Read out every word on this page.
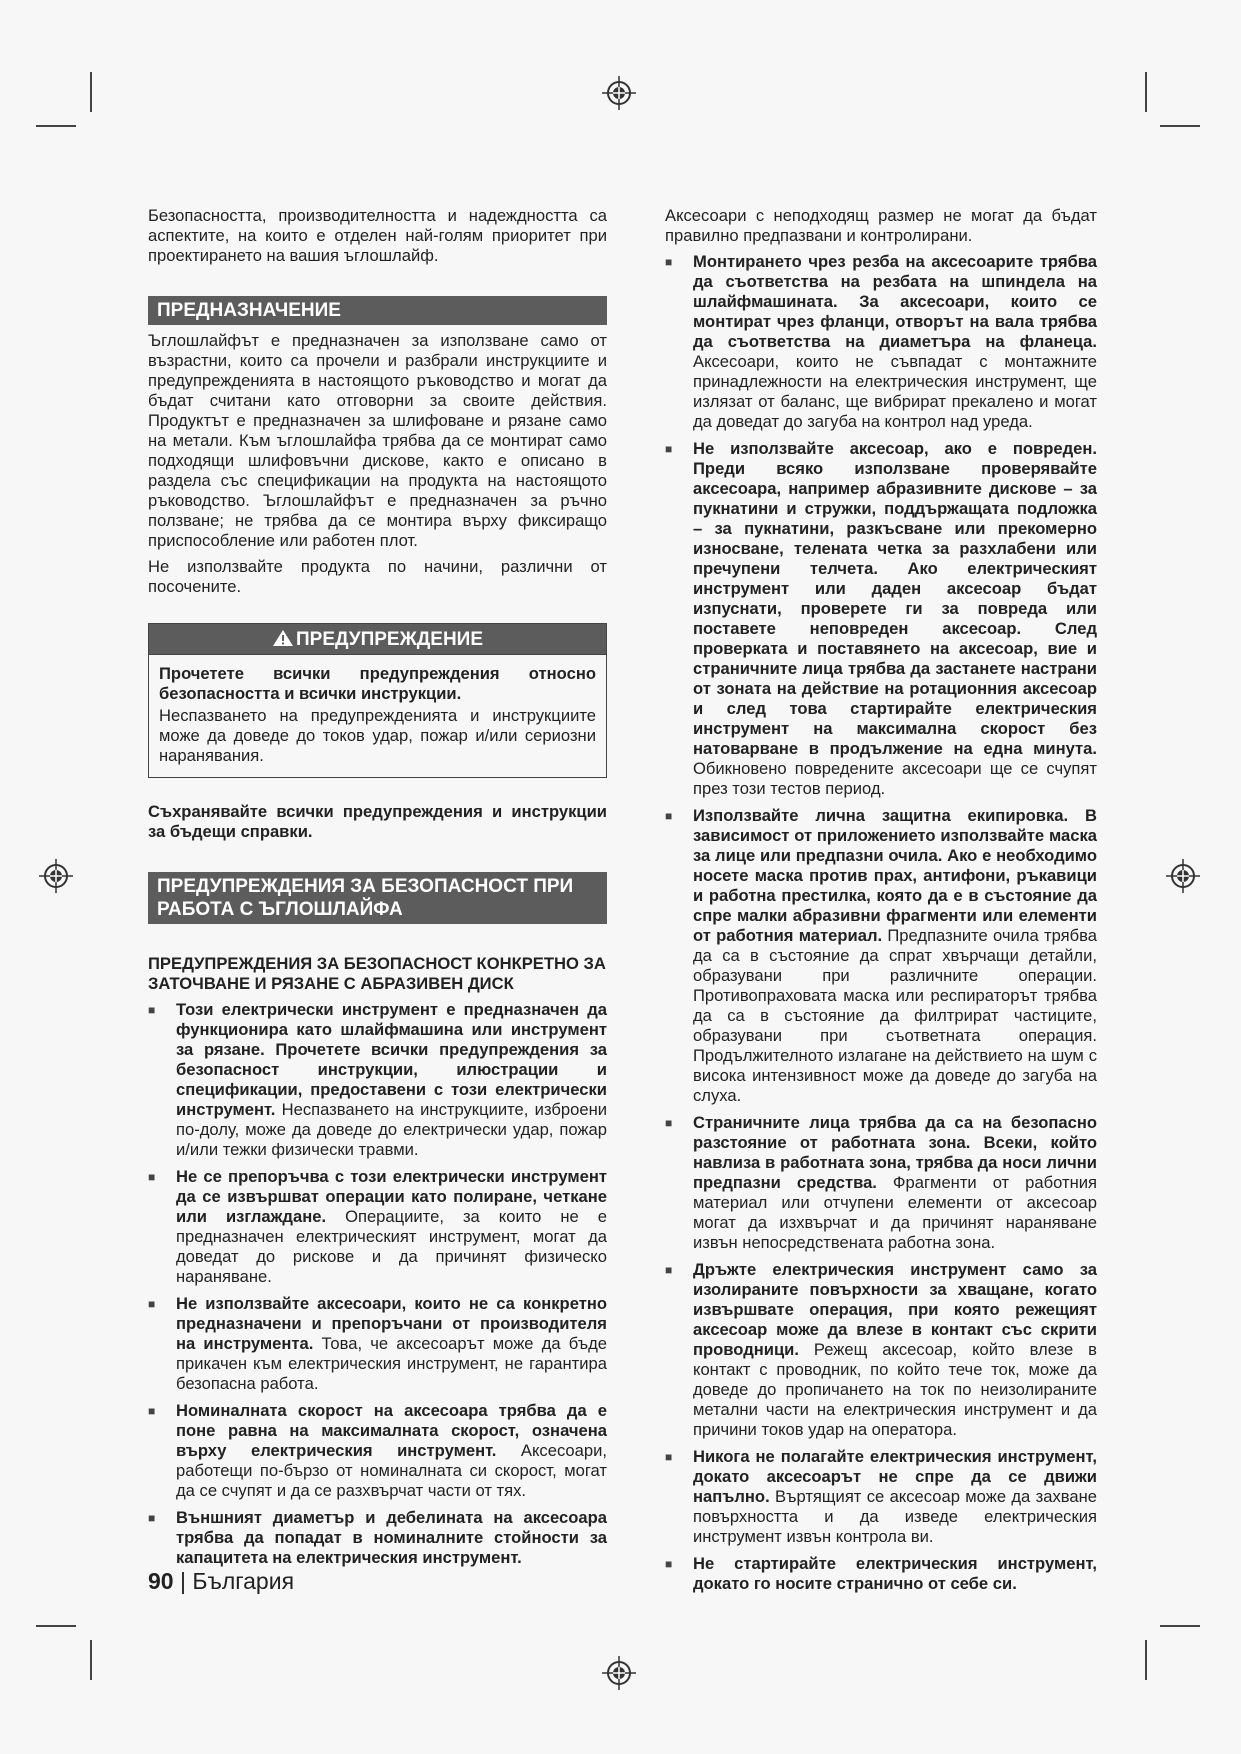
Безопасността, производителността и надеждността са аспектите, на които е отделен най-голям приоритет при проектирането на вашия ъглошлайф.

ПРЕДНАЗНАЧЕНИЕ

Ъглошлайфът е предназначен за използване само от възрастни, които са прочели и разбрали инструкциите и предупрежденията в настоящото ръководство и могат да бъдат считани като отговорни за своите действия. Продуктът е предназначен за шлифоване и рязане само на метали. Към ъглошлайфа трябва да се монтират само подходящи шлифовъчни дискове, както е описано в раздела със спецификации на продукта на настоящото ръководство. Ъглошлайфът е предназначен за ръчно ползване; не трябва да се монтира върху фиксиращо приспособление или работен плот.

Не използвайте продукта по начини, различни от посочените.

ПРЕДУПРЕЖДЕНИЕ

Прочетете всички предупреждения относно безопасността и всички инструкции.

Неспазването на предупрежденията и инструкциите може да доведе до токов удар, пожар и/или сериозни наранявания.

Съхранявайте всички предупреждения и инструкции за бъдещи справки.

ПРЕДУПРЕЖДЕНИЯ ЗА БЕЗОПАСНОСТ ПРИ РАБОТА С ЪГЛОШЛАЙФА
ПРЕДУПРЕЖДЕНИЯ ЗА БЕЗОПАСНОСТ КОНКРЕТНО ЗА ЗАТОЧВАНЕ И РЯЗАНЕ С АБРАЗИВЕН ДИСК
■ Този електрически инструмент е предназначен да функционира като шлайфмашина или инструмент за рязане. Прочетете всички предупреждения за безопасност инструкции, илюстрации и спецификации, предоставени с този електрически инструмент. Неспазването на инструкциите, изброени по-долу, може да доведе до електрически удар, пожар и/или тежки физически травми.
■ Не се препоръчва с този електрически инструмент да се извършват операции като полиране, четкане или изглаждане. Операциите, за които не е предназначен електрическият инструмент, могат да доведат до рискове и да причинят физическо нараняване.
■ Не използвайте аксесоари, които не са конкретно предназначени и препоръчани от производителя на инструмента. Това, че аксесоарът може да бъде прикачен към електрическия инструмент, не гарантира безопасна работа.
■ Номиналната скорост на аксесоара трябва да е поне равна на максималната скорост, означена върху електрическия инструмент. Аксесоари, работещи по-бързо от номиналната си скорост, могат да се счупят и да се разхвърчат части от тях.
■ Външният диаметър и дебелината на аксесоара трябва да попадат в номиналните стойности за капацитета на електрическия инструмент.

Аксесоари с неподходящ размер не могат да бъдат правилно предпазвани и контролирани.

■ Монтирането чрез резба на аксесоарите трябва да съответства на резбата на шпиндела на шлайфмашината. За аксесоари, които се монтират чрез фланци, отворът на вала трябва да съответства на диаметъра на фланеца. Аксесоари, които не съвпадат с монтажните принадлежности на електрическия инструмент, ще излязат от баланс, ще вибрират прекалено и могат да доведат до загуба на контрол над уреда.
■ Не използвайте аксесоар, ако е повреден. Преди всяко използване проверявайте аксесоара, например абразивните дискове – за пукнатини и стружки, поддържащата подложка – за пукнатини, разкъсване или прекомерно износване, телената четка за разхлабени или пречупени телчета. Ако електрическият инструмент или даден аксесоар бъдат изпуснати, проверете ги за повреда или поставете неповреден аксесоар. След проверката и поставянето на аксесоар, вие и страничните лица трябва да застанете настрани от зоната на действие на ротационния аксесоар и след това стартирайте електрическия инструмент на максимална скорост без натоварване в продължение на една минута. Обикновено повредените аксесоари ще се счупят през този тестов период.
■ Използвайте лична защитна екипировка. В зависимост от приложението използвайте маска за лице или предпазни очила. Ако е необходимо носете маска против прах, антифони, ръкавици и работна престилка, която да е в състояние да спре малки абразивни фрагменти или елементи от работния материал. Предпазните очила трябва да са в състояние да спрат хвърчащи детайли, образувани при различните операции. Противопраховата маска или респираторът трябва да са в състояние да филтрират частиците, образувани при съответната операция. Продължителното излагане на действието на шум с висока интензивност може да доведе до загуба на слуха.
■ Страничните лица трябва да са на безопасно разстояние от работната зона. Всеки, който навлиза в работната зона, трябва да носи лични предпазни средства. Фрагменти от работния материал или отчупени елементи от аксесоар могат да изхвърчат и да причинят нараняване извън непосредствената работна зона.
■ Дръжте електрическия инструмент само за изолираните повърхности за хващане, когато извършвате операция, при която режещият аксесоар може да влезе в контакт със скрити проводници. Режещ аксесоар, който влезе в контакт с проводник, по който тече ток, може да доведе до пропичането на ток по неизолираните метални части на електрическия инструмент и да причини токов удар на оператора.
■ Никога не полагайте електрическия инструмент, докато аксесоарът не спре да се движи напълно. Въртящият се аксесоар може да захване повърхността и да изведе електрическия инструмент извън контрола ви.
■ Не стартирайте електрическия инструмент, докато го носите странично от себе си.
90 | България
